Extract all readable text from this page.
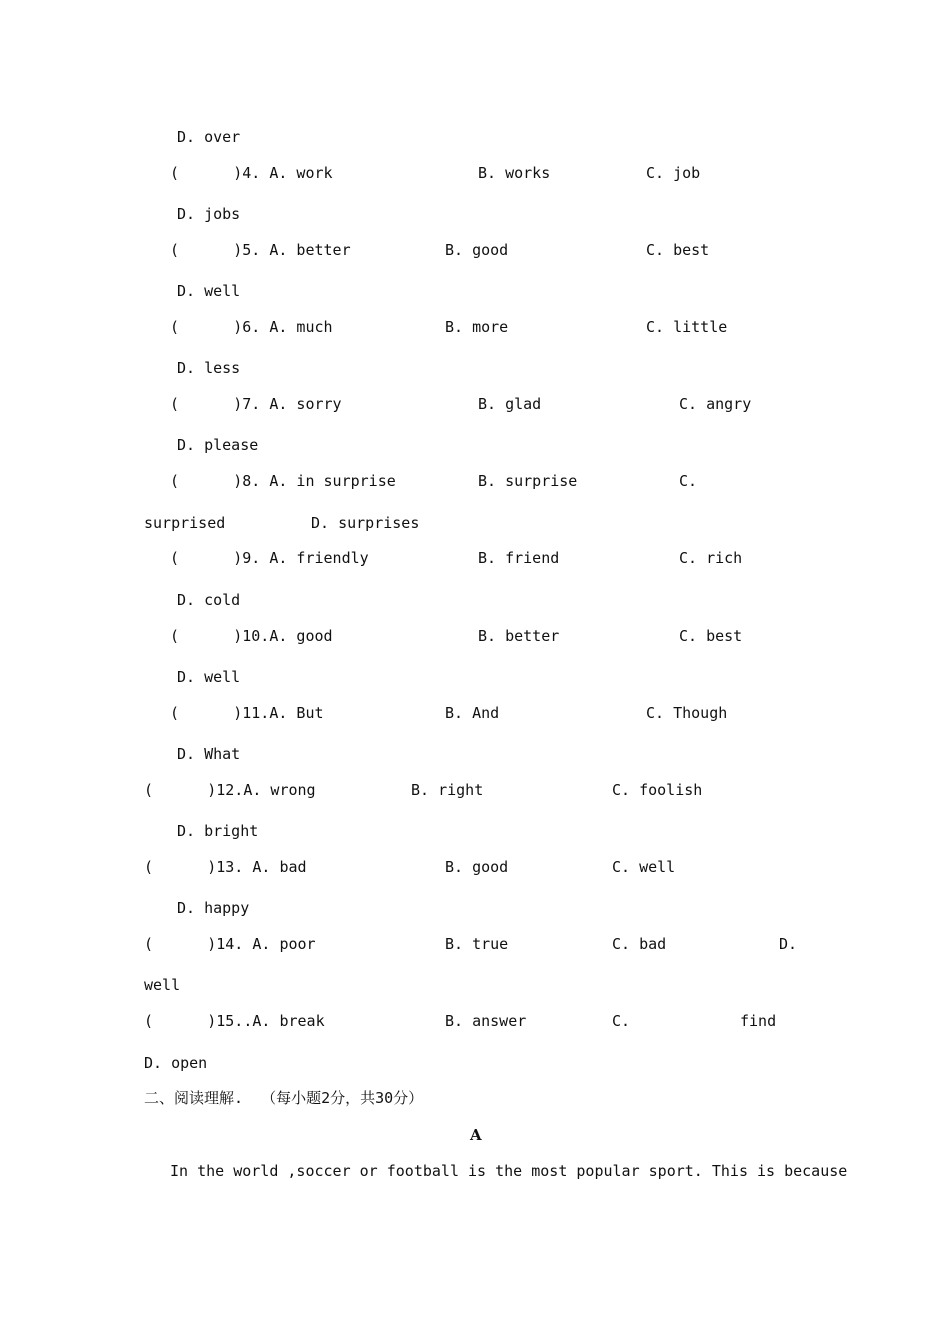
D. over
(      )4. A. work	B. works	C. job
D. jobs
(      )5. A. better	B. good	C. best
D. well
(      )6. A. much	B. more	C. little
D. less
(      )7. A. sorry	B. glad	C. angry
D. please
(      )8. A. in surprise	B. surprise	C.
surprised	D. surprises
(      )9. A. friendly	B. friend	C. rich
D. cold
(      )10.A. good	B. better	C. best
D. well
(      )11.A. But	B. And	C. Though
D. What
(      )12.A. wrong	B. right	C. foolish
D. bright
(      )13. A. bad	B. good	C. well
D. happy
(      )14. A. poor	B. true	C. bad	D.
well
(      )15..A. break	B. answer	C.	find
D. open
二、阅读理解.  （每小题2分，共30分）
A
In the world ,soccer or football is the most popular sport. This is because
